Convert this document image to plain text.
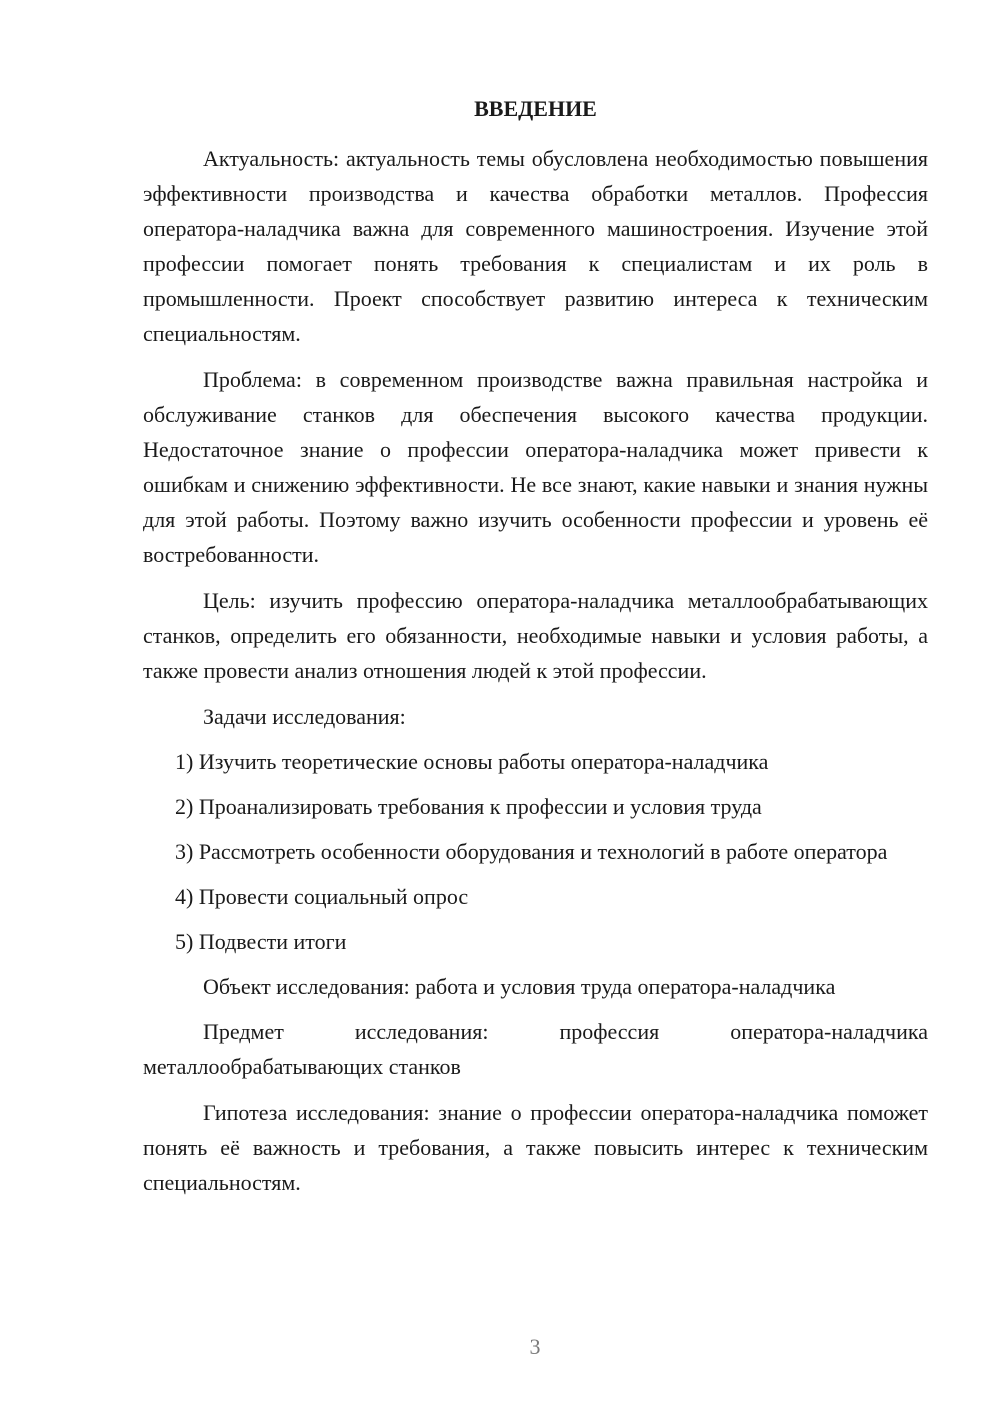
ВВЕДЕНИЕ

Актуальность: актуальность темы обусловлена необходимостью повышения эффективности производства и качества обработки металлов. Профессия оператора-наладчика важна для современного машиностроения. Изучение этой профессии помогает понять требования к специалистам и их роль в промышленности. Проект способствует развитию интереса к техническим специальностям.

Проблема: в современном производстве важна правильная настройка и обслуживание станков для обеспечения высокого качества продукции. Недостаточное знание о профессии оператора-наладчика может привести к ошибкам и снижению эффективности. Не все знают, какие навыки и знания нужны для этой работы. Поэтому важно изучить особенности профессии и уровень её востребованности.

Цель: изучить профессию оператора-наладчика металлообрабатывающих станков, определить его обязанности, необходимые навыки и условия работы, а также провести анализ отношения людей к этой профессии.

Задачи исследования:

1) Изучить теоретические основы работы оператора-наладчика

2) Проанализировать требования к профессии и условия труда

3) Рассмотреть особенности оборудования и технологий в работе оператора

4) Провести социальный опрос

5) Подвести итоги

Объект исследования: работа и условия труда оператора-наладчика

Предмет исследования: профессия оператора-наладчика металлообрабатывающих станков

Гипотеза исследования: знание о профессии оператора-наладчика поможет понять её важность и требования, а также повысить интерес к техническим специальностям.

3
